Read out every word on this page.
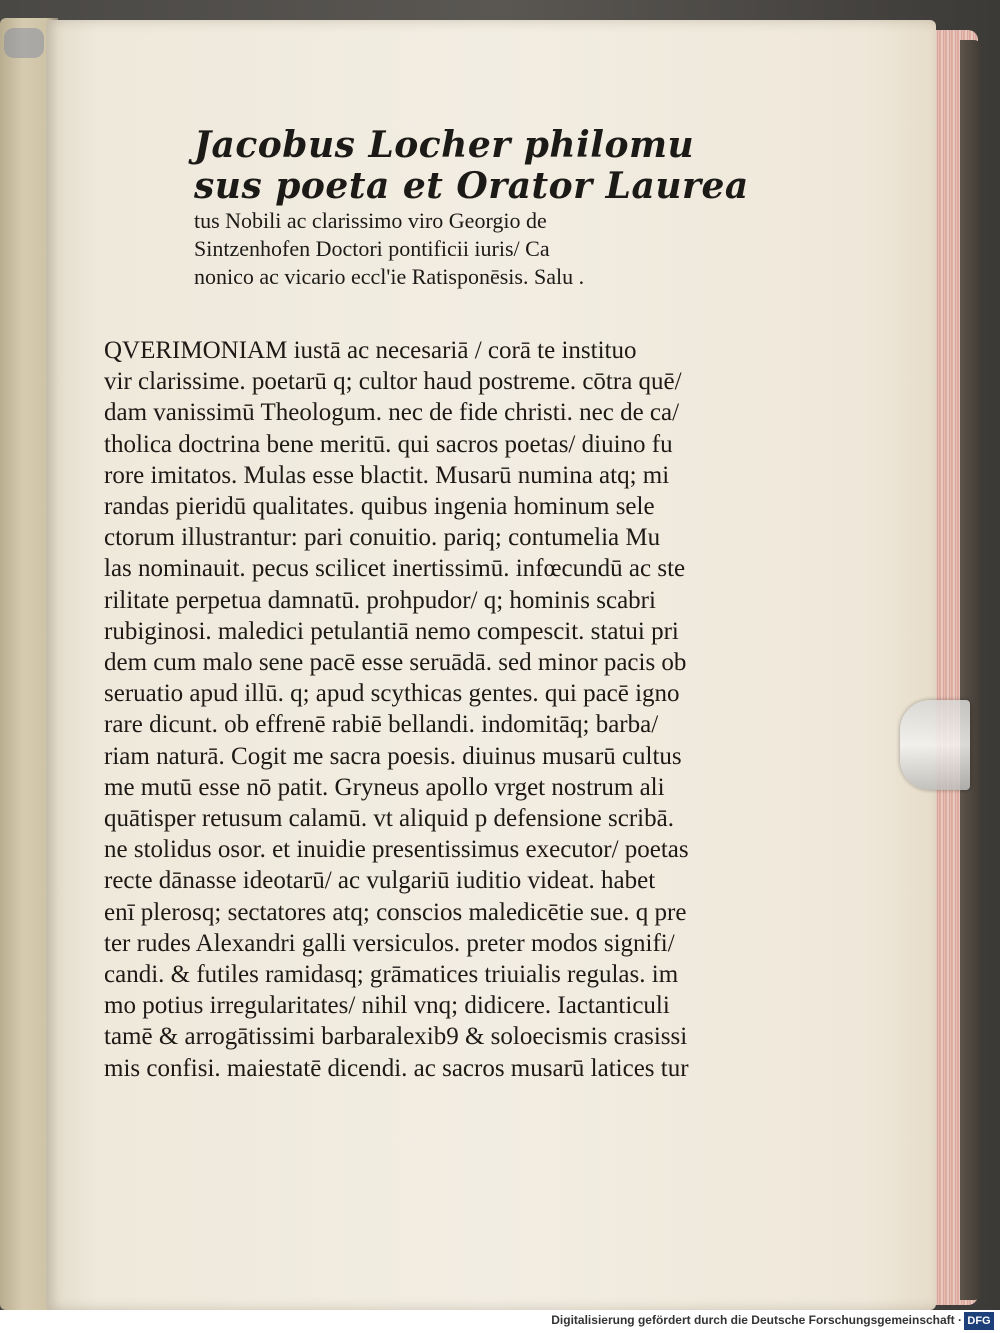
Jacobus Locher philomu
sus poeta et Orator Laurea
tus Nobili ac clarissimo viro Georgio de
Sintzenhofen Doctori pontificii iuris/ Ca
nonico ac vicario eccl'ie Ratisponēsis. Salu .
QVERIMONIAM iustā ac necesariā / corā te instituo
vir clarissime. poetarū q; cultor haud postreme. cōtra quē/
dam vanissimū Theologum. nec de fide christi. nec de ca/
tholica doctrina bene meritū. qui sacros poetas/ diuino fu
rore imitatos. Mulas esse blactit. Musarū numina atq; mi
randas pieridū qualitates. quibus ingenia hominum sele
ctorum illustrantur: pari conuitio. pariq; contumelia Mu
las nominauit. pecus scilicet inertissimū. infœcundū ac ste
rilitate perpetua damnatū. prohpudor/ q; hominis scabri
rubiginosi. maledici petulantiā nemo compescit. statui pri
dem cum malo sene pacē esse seruādā. sed minor pacis ob
seruatio apud illū. q; apud scythicas gentes. qui pacē igno
rare dicunt. ob effrenē rabiē bellandi. indomitāq; barba/
riam naturā. Cogit me sacra poesis. diuinus musarū cultus
me mutū esse nō patit. Gryneus apollo vrget nostrum ali
quātisper retusum calamū. vt aliquid p defensione scribā.
ne stolidus osor. et inuidie presentissimus executor/ poetas
recte dānasse ideotarū/ ac vulgariū iuditio videat. habet
enī plerosq; sectatores atq; conscios maledicētie sue. q pre
ter rudes Alexandri galli versiculos. preter modos signifi/
candi. & futiles ramidasq; grāmatices triuialis regulas. im
mo potius irregularitates/ nihil vnq; didicere. Iactanticuli
tamē & arrogātissimi barbaralexib9 & soloecismis crasissi
mis confisi. maiestatē dicendi. ac sacros musarū latices tur
Digitalisierung gefördert durch die Deutsche Forschungsgemeinschaft · DFG
